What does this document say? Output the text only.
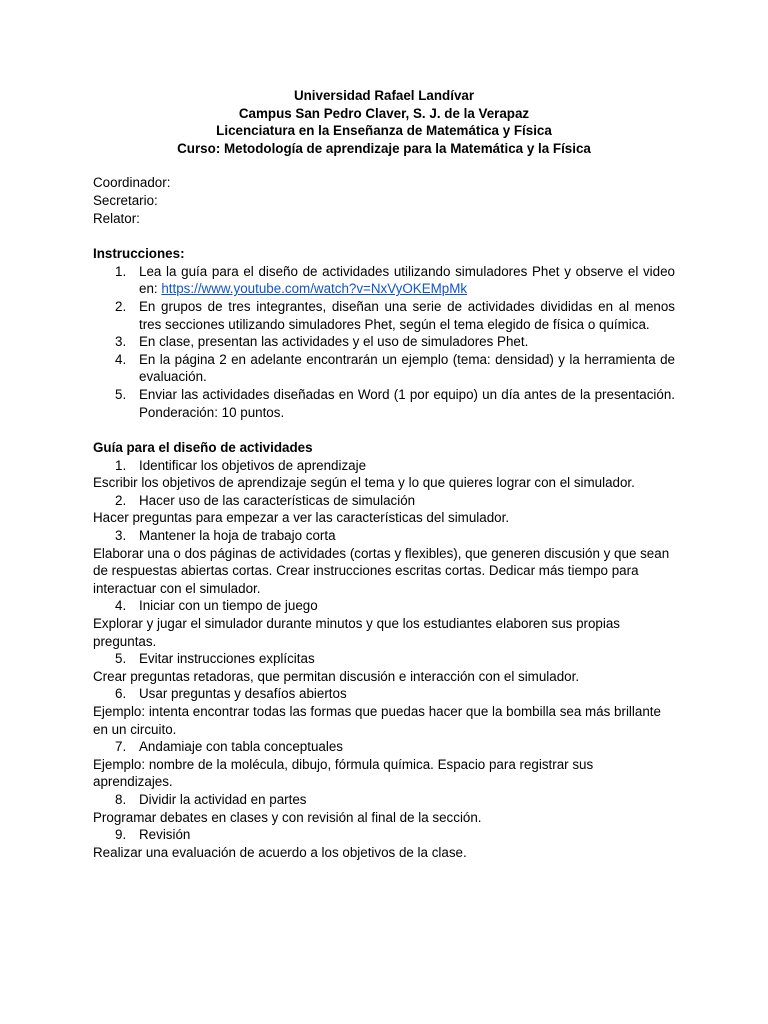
Universidad Rafael Landívar
Campus San Pedro Claver, S. J. de la Verapaz
Licenciatura en la Enseñanza de Matemática y Física
Curso: Metodología de aprendizaje para la Matemática y la Física
Coordinador:
Secretario:
Relator:
Instrucciones:
1. Lea la guía para el diseño de actividades utilizando simuladores Phet y observe el video en: https://www.youtube.com/watch?v=NxVyOKEMpMk
2. En grupos de tres integrantes, diseñan una serie de actividades divididas en al menos tres secciones utilizando simuladores Phet, según el tema elegido de física o química.
3. En clase, presentan las actividades y el uso de simuladores Phet.
4. En la página 2 en adelante encontrarán un ejemplo (tema: densidad) y la herramienta de evaluación.
5. Enviar las actividades diseñadas en Word (1 por equipo) un día antes de la presentación. Ponderación: 10 puntos.
Guía para el diseño de actividades
1. Identificar los objetivos de aprendizaje
Escribir los objetivos de aprendizaje según el tema y lo que quieres lograr con el simulador.
2. Hacer uso de las características de simulación
Hacer preguntas para empezar a ver las características del simulador.
3. Mantener la hoja de trabajo corta
Elaborar una o dos páginas de actividades (cortas y flexibles), que generen discusión y que sean de respuestas abiertas cortas. Crear instrucciones escritas cortas. Dedicar más tiempo para interactuar con el simulador.
4. Iniciar con un tiempo de juego
Explorar y jugar el simulador durante minutos y que los estudiantes elaboren sus propias preguntas.
5. Evitar instrucciones explícitas
Crear preguntas retadoras, que permitan discusión e interacción con el simulador.
6. Usar preguntas y desafíos abiertos
Ejemplo: intenta encontrar todas las formas que puedas hacer que la bombilla sea más brillante en un circuito.
7. Andamiaje con tabla conceptuales
Ejemplo: nombre de la molécula, dibujo, fórmula química. Espacio para registrar sus aprendizajes.
8. Dividir la actividad en partes
Programar debates en clases y con revisión al final de la sección.
9. Revisión
Realizar una evaluación de acuerdo a los objetivos de la clase.
